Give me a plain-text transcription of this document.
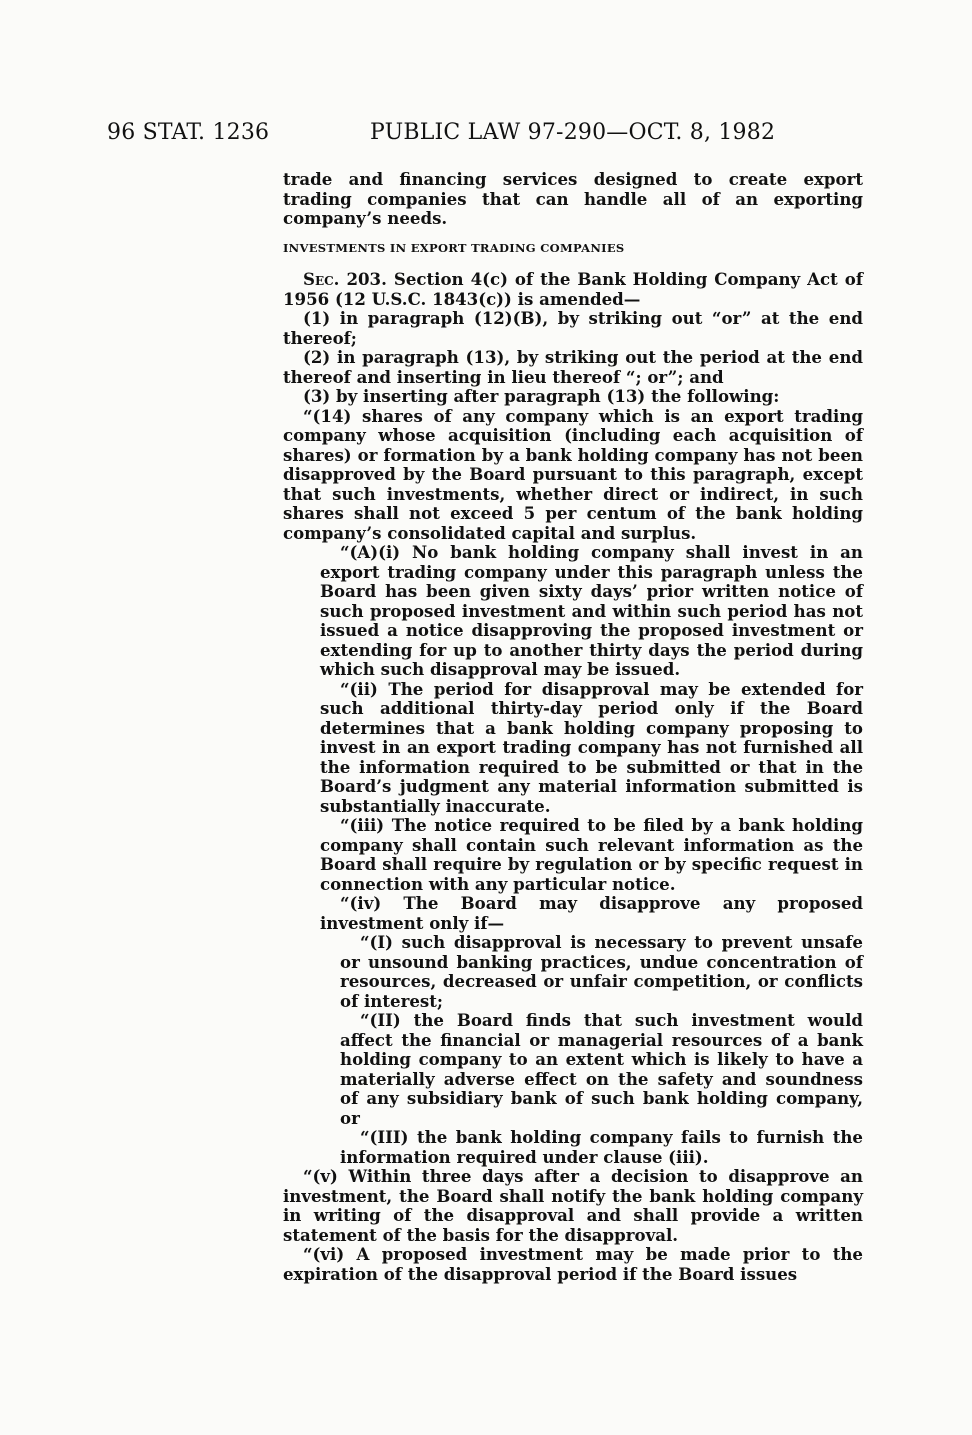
96 STAT. 1236	PUBLIC LAW 97-290—OCT. 8, 1982

trade and financing services designed to create export trading companies that can handle all of an exporting company’s needs.

INVESTMENTS IN EXPORT TRADING COMPANIES

Sec. 203. Section 4(c) of the Bank Holding Company Act of 1956 (12 U.S.C. 1843(c)) is amended—

(1) in paragraph (12)(B), by striking out “or” at the end thereof;

(2) in paragraph (13), by striking out the period at the end thereof and inserting in lieu thereof “; or”; and

(3) by inserting after paragraph (13) the following:

“(14) shares of any company which is an export trading company whose acquisition (including each acquisition of shares) or formation by a bank holding company has not been disapproved by the Board pursuant to this paragraph, except that such investments, whether direct or indirect, in such shares shall not exceed 5 per centum of the bank holding company’s consolidated capital and surplus.

“(A)(i) No bank holding company shall invest in an export trading company under this paragraph unless the Board has been given sixty days’ prior written notice of such proposed investment and within such period has not issued a notice disapproving the proposed investment or extending for up to another thirty days the period during which such disapproval may be issued.

“(ii) The period for disapproval may be extended for such additional thirty-day period only if the Board determines that a bank holding company proposing to invest in an export trading company has not furnished all the information required to be submitted or that in the Board’s judgment any material information submitted is substantially inaccurate.

“(iii) The notice required to be filed by a bank holding company shall contain such relevant information as the Board shall require by regulation or by specific request in connection with any particular notice.

“(iv) The Board may disapprove any proposed investment only if—

“(I) such disapproval is necessary to prevent unsafe or unsound banking practices, undue concentration of resources, decreased or unfair competition, or conflicts of interest;

“(II) the Board finds that such investment would affect the financial or managerial resources of a bank holding company to an extent which is likely to have a materially adverse effect on the safety and soundness of any subsidiary bank of such bank holding company, or

“(III) the bank holding company fails to furnish the information required under clause (iii).

“(v) Within three days after a decision to disapprove an investment, the Board shall notify the bank holding company in writing of the disapproval and shall provide a written statement of the basis for the disapproval.

“(vi) A proposed investment may be made prior to the expiration of the disapproval period if the Board issues
